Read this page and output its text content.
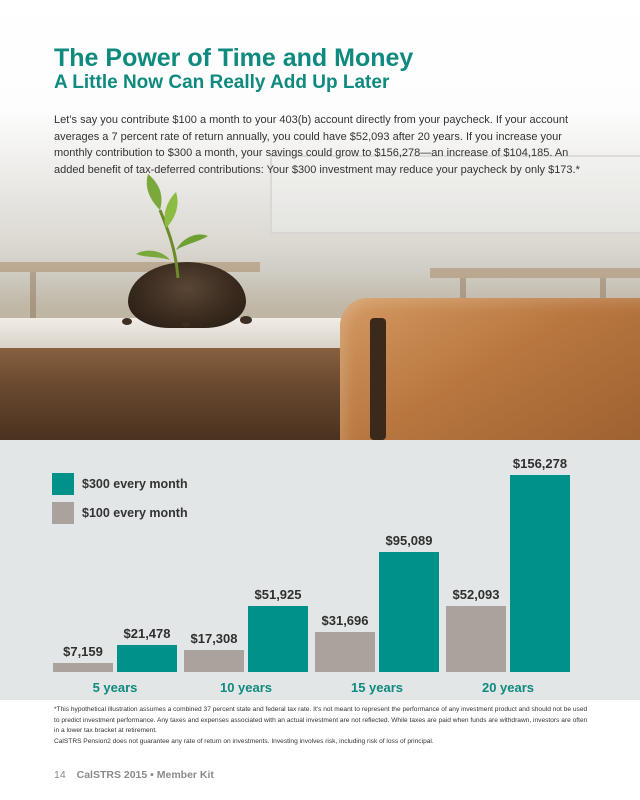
The Power of Time and Money
A Little Now Can Really Add Up Later

Let’s say you contribute $100 a month to your 403(b) account directly from your paycheck. If your account averages a 7 percent rate of return annually, you could have $52,093 after 20 years. If you increase your monthly contribution to $300 a month, your savings could grow to $156,278—an increase of $104,185. An added benefit of tax-deferred contributions: Your $300 investment may reduce your paycheck by only $173.*

$300 every month
$100 every month
$7,159
$21,478
5 years
$17,308
$51,925
10 years
$31,696
$95,089
15 years
$52,093
$156,278
20 years

*This hypothetical illustration assumes a combined 37 percent state and federal tax rate. It’s not meant to represent the performance of any investment product and should not be used to predict investment performance. Any taxes and expenses associated with an actual investment are not reflected. While taxes are paid when funds are withdrawn, investors are often in a lower tax bracket at retirement.

CalSTRS Pension2 does not guarantee any rate of return on investments. Investing involves risk, including risk of loss of principal.

14 CalSTRS 2015 • Member Kit
